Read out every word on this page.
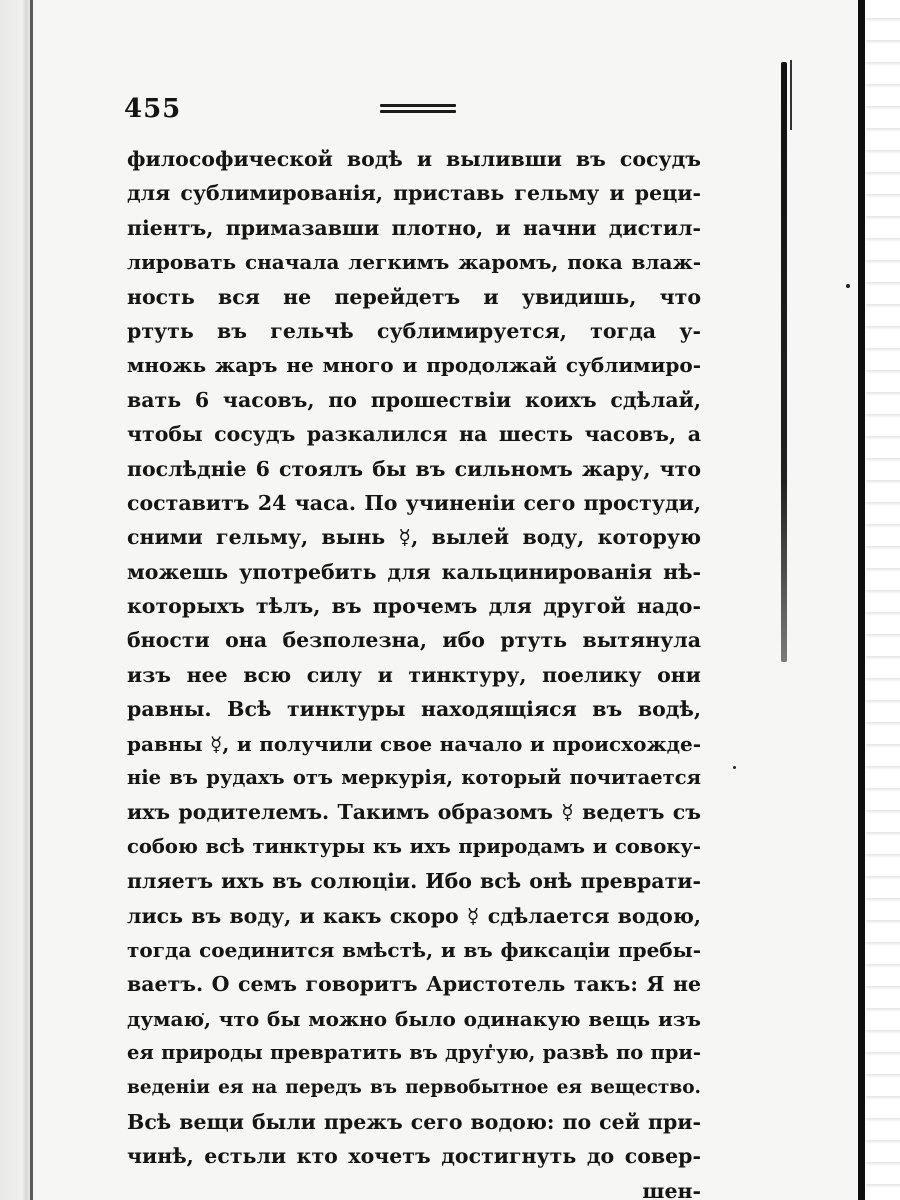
455
философической водѣ и выливши въ сосудъ
для сублимированія, приставь гельму и реци-
піентъ, примазавши плотно, и начни дистил-
лировать сначала легкимъ жаромъ, пока влаж-
ность вся не перейдетъ и увидишь, что
ртуть въ гельчѣ сублимируется, тогда у-
множь жаръ не много и продолжай сублимиро-
вать 6 часовъ, по прошествіи коихъ сдѣлай,
чтобы сосудъ разкалился на шесть часовъ, а
послѣдніе 6 стоялъ бы въ сильномъ жару, что
составитъ 24 часа. По учиненіи сего простуди,
сними гельму, вынь ☿, вылей воду, которую
можешь употребить для кальцинированія нѣ-
которыхъ тѣлъ, въ прочемъ для другой надо-
бности она безполезна, ибо ртуть вытянула
изъ нее всю силу и тинктуру, поелику они
равны. Всѣ тинктуры находящіяся въ водѣ,
равны ☿, и получили свое начало и происхожде-
ніе въ рудахъ отъ меркурія, который почитается
ихъ родителемъ. Такимъ образомъ ☿ ведетъ съ
собою всѣ тинктуры къ ихъ природамъ и совоку-
пляетъ ихъ въ солюціи. Ибо всѣ онѣ преврати-
лись въ воду, и какъ скоро ☿ сдѣлается водою,
тогда соединится вмѣстѣ, и въ фиксаціи пребы-
ваетъ. О семъ говоритъ Аристотель такъ: Я не
думаю, что бы можно было одинакую вещь изъ
ея природы превратить въ другую, развѣ по при-
веденіи ея на передъ въ первобытное ея вещество.
Всѣ вещи были прежъ сего водою: по сей при-
чинѣ, естьли кто хочетъ достигнуть до совер-
шен-
